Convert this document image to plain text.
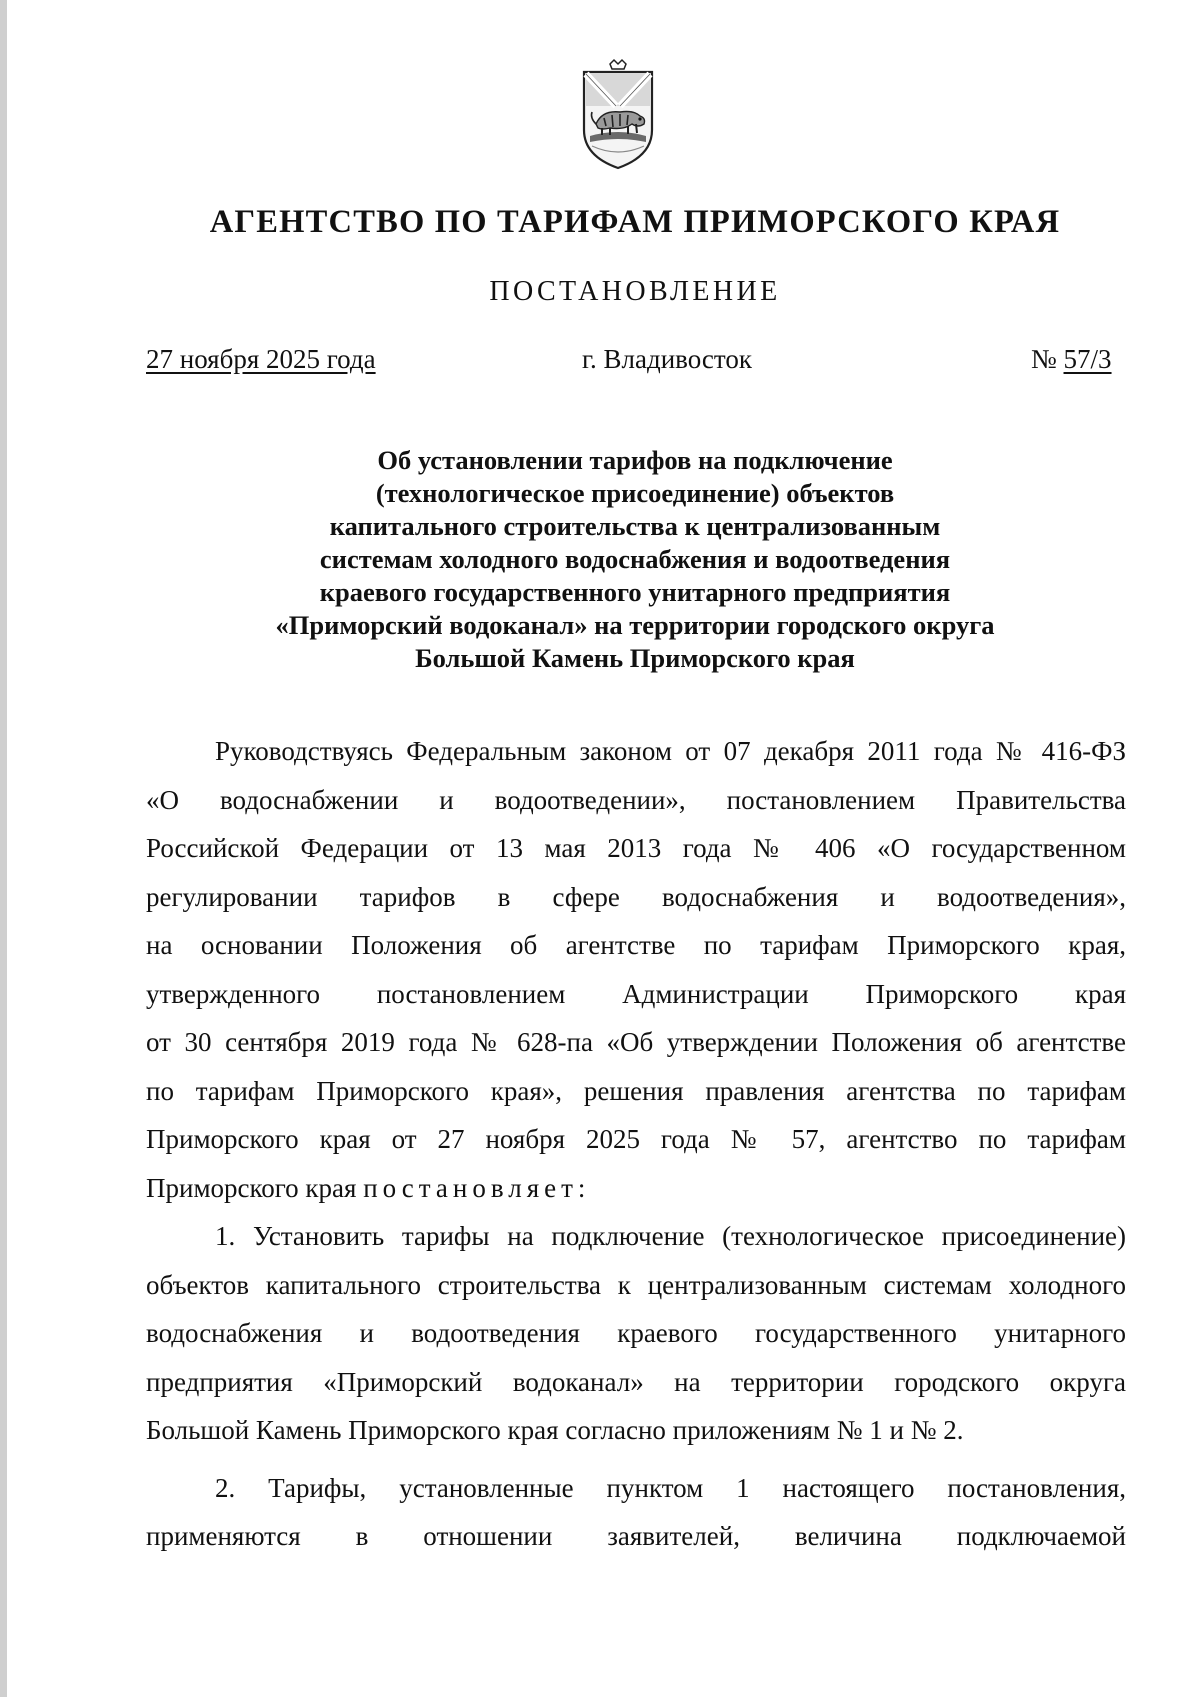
АГЕНТСТВО ПО ТАРИФАМ ПРИМОРСКОГО КРАЯ
ПОСТАНОВЛЕНИЕ
27 ноября 2025 года	г. Владивосток	№ 57/3
Об установлении тарифов на подключение
(технологическое присоединение) объектов
капитального строительства к централизованным
системам холодного водоснабжения и водоотведения
краевого государственного унитарного предприятия
«Приморский водоканал» на территории городского округа
Большой Камень Приморского края
Руководствуясь Федеральным законом от 07 декабря 2011 года № 416-ФЗ
«О водоснабжении и водоотведении», постановлением Правительства
Российской Федерации от 13 мая 2013 года № 406 «О государственном
регулировании тарифов в сфере водоснабжения и водоотведения»,
на основании Положения об агентстве по тарифам Приморского края,
утвержденного постановлением Администрации Приморского края
от 30 сентября 2019 года № 628-па «Об утверждении Положения об агентстве
по тарифам Приморского края», решения правления агентства по тарифам
Приморского края от 27 ноября 2025 года № 57, агентство по тарифам
Приморского края постановляет:
1. Установить тарифы на подключение (технологическое присоединение)
объектов капитального строительства к централизованным системам холодного
водоснабжения и водоотведения краевого государственного унитарного
предприятия «Приморский водоканал» на территории городского округа
Большой Камень Приморского края согласно приложениям № 1 и № 2.
2. Тарифы, установленные пунктом 1 настоящего постановления,
применяются в отношении заявителей, величина подключаемой
